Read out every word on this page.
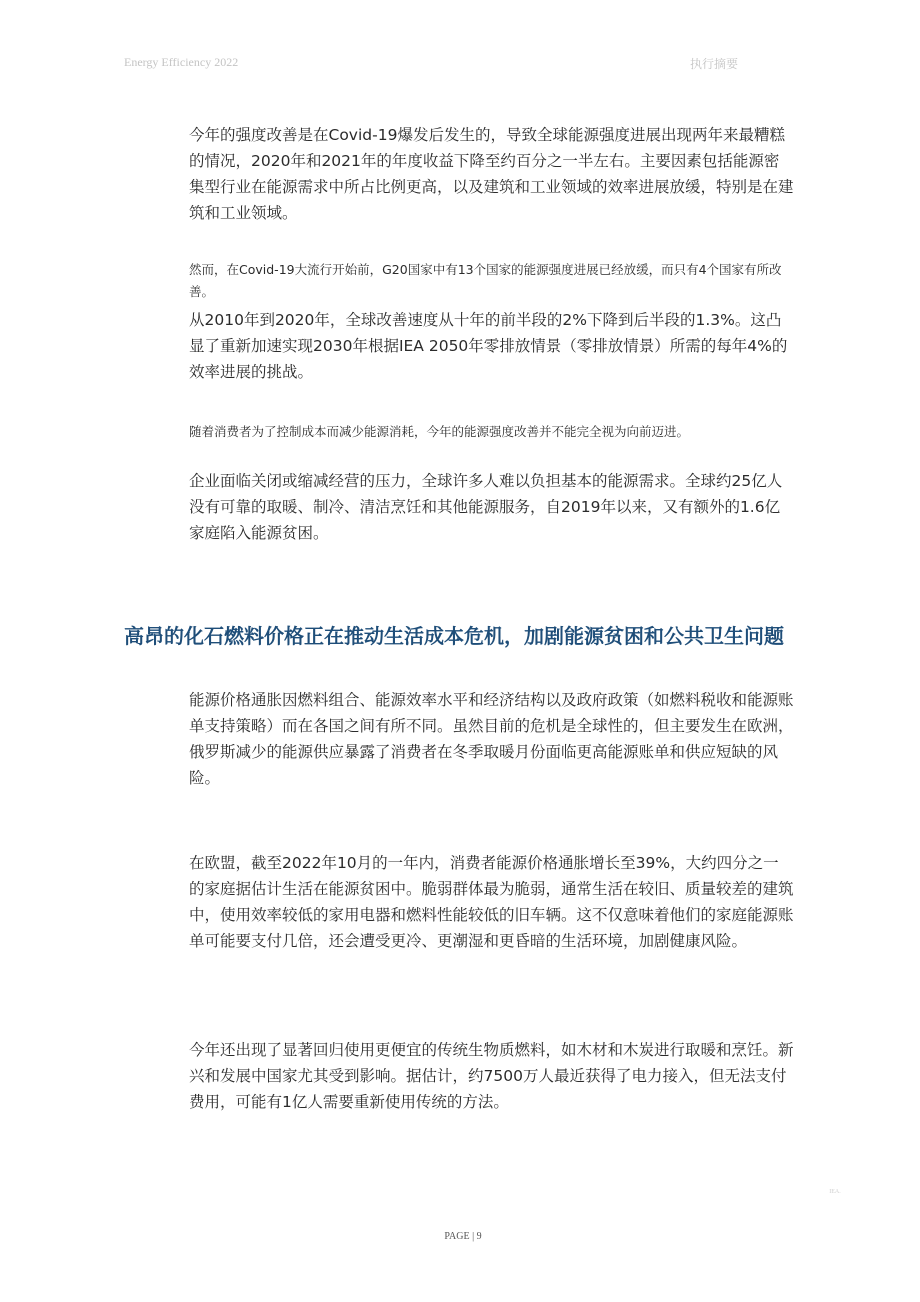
Energy Efficiency 2022	执行摘要

今年的强度改善是在Covid-19爆发后发生的，导致全球能源强度进展出现两年来最糟糕的情况，2020年和2021年的年度收益下降至约百分之一半左右。主要因素包括能源密集型行业在能源需求中所占比例更高，以及建筑和工业领域的效率进展放缓，特别是在建筑和工业领域。

然而，在Covid-19大流行开始前，G20国家中有13个国家的能源强度进展已经放缓，而只有4个国家有所改善。

从2010年到2020年，全球改善速度从十年的前半段的2%下降到后半段的1.3%。这凸显了重新加速实现2030年根据IEA 2050年零排放情景（零排放情景）所需的每年4%的效率进展的挑战。

随着消费者为了控制成本而减少能源消耗，今年的能源强度改善并不能完全视为向前迈进。

企业面临关闭或缩减经营的压力，全球许多人难以负担基本的能源需求。全球约25亿人没有可靠的取暖、制冷、清洁烹饪和其他能源服务，自2019年以来，又有额外的1.6亿家庭陷入能源贫困。

高昂的化石燃料价格正在推动生活成本危机，加剧能源贫困和公共卫生问题

能源价格通胀因燃料组合、能源效率水平和经济结构以及政府政策（如燃料税收和能源账单支持策略）而在各国之间有所不同。虽然目前的危机是全球性的，但主要发生在欧洲，俄罗斯减少的能源供应暴露了消费者在冬季取暖月份面临更高能源账单和供应短缺的风险。

在欧盟，截至2022年10月的一年内，消费者能源价格通胀增长至39%，大约四分之一的家庭据估计生活在能源贫困中。脆弱群体最为脆弱，通常生活在较旧、质量较差的建筑中，使用效率较低的家用电器和燃料性能较低的旧车辆。这不仅意味着他们的家庭能源账单可能要支付几倍，还会遭受更冷、更潮湿和更昏暗的生活环境，加剧健康风险。

今年还出现了显著回归使用更便宜的传统生物质燃料，如木材和木炭进行取暖和烹饪。新兴和发展中国家尤其受到影响。据估计，约7500万人最近获得了电力接入，但无法支付费用，可能有1亿人需要重新使用传统的方法。

PAGE | 9
IEA.
